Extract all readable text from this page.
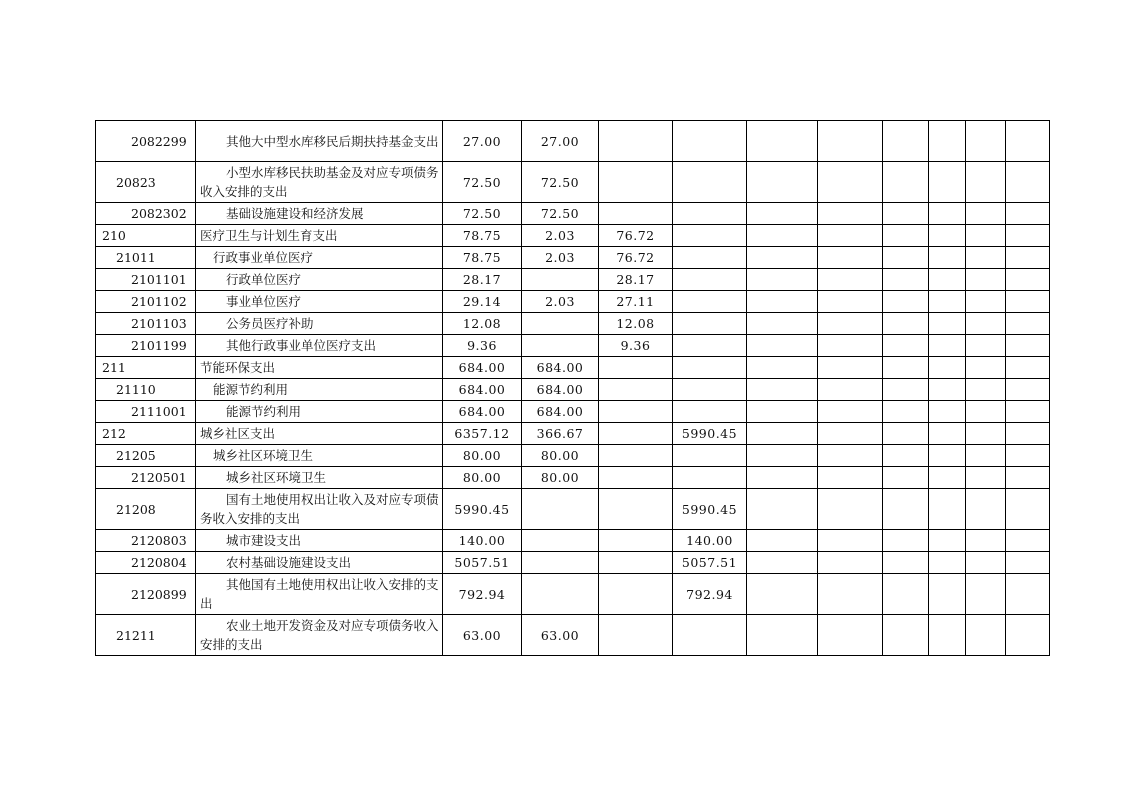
2082299	其他大中型水库移民后期扶持基金支出	27.00	27.00								
20823	小型水库移民扶助基金及对应专项债务收入安排的支出	72.50	72.50								
2082302	基础设施建设和经济发展	72.50	72.50								
210	医疗卫生与计划生育支出	78.75	2.03	76.72							
21011	行政事业单位医疗	78.75	2.03	76.72							
2101101	行政单位医疗	28.17		28.17							
2101102	事业单位医疗	29.14	2.03	27.11							
2101103	公务员医疗补助	12.08		12.08							
2101199	其他行政事业单位医疗支出	9.36		9.36							
211	节能环保支出	684.00	684.00								
21110	能源节约利用	684.00	684.00								
2111001	能源节约利用	684.00	684.00								
212	城乡社区支出	6357.12	366.67		5990.45						
21205	城乡社区环境卫生	80.00	80.00								
2120501	城乡社区环境卫生	80.00	80.00								
21208	国有土地使用权出让收入及对应专项债务收入安排的支出	5990.45			5990.45						
2120803	城市建设支出	140.00			140.00						
2120804	农村基础设施建设支出	5057.51			5057.51						
2120899	其他国有土地使用权出让收入安排的支出	792.94			792.94						
21211	农业土地开发资金及对应专项债务收入安排的支出	63.00	63.00								
